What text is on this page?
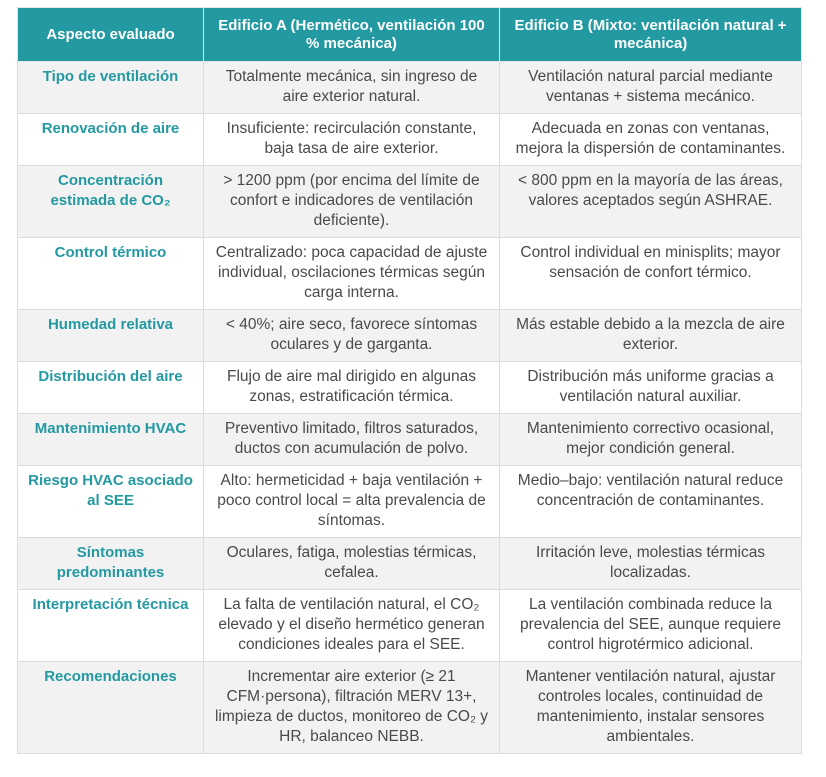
Aspecto evaluado	Edificio A (Hermético, ventilación 100 % mecánica)	Edificio B (Mixto: ventilación natural + mecánica)
Tipo de ventilación	Totalmente mecánica, sin ingreso de aire exterior natural.	Ventilación natural parcial mediante ventanas + sistema mecánico.
Renovación de aire	Insuficiente: recirculación constante, baja tasa de aire exterior.	Adecuada en zonas con ventanas, mejora la dispersión de contaminantes.
Concentración estimada de CO₂	> 1200 ppm (por encima del límite de confort e indicadores de ventilación deficiente).	< 800 ppm en la mayoría de las áreas, valores aceptados según ASHRAE.
Control térmico	Centralizado: poca capacidad de ajuste individual, oscilaciones térmicas según carga interna.	Control individual en minisplits; mayor sensación de confort térmico.
Humedad relativa	< 40%; aire seco, favorece síntomas oculares y de garganta.	Más estable debido a la mezcla de aire exterior.
Distribución del aire	Flujo de aire mal dirigido en algunas zonas, estratificación térmica.	Distribución más uniforme gracias a ventilación natural auxiliar.
Mantenimiento HVAC	Preventivo limitado, filtros saturados, ductos con acumulación de polvo.	Mantenimiento correctivo ocasional, mejor condición general.
Riesgo HVAC asociado al SEE	Alto: hermeticidad + baja ventilación + poco control local = alta prevalencia de síntomas.	Medio–bajo: ventilación natural reduce concentración de contaminantes.
Síntomas predominantes	Oculares, fatiga, molestias térmicas, cefalea.	Irritación leve, molestias térmicas localizadas.
Interpretación técnica	La falta de ventilación natural, el CO₂ elevado y el diseño hermético generan condiciones ideales para el SEE.	La ventilación combinada reduce la prevalencia del SEE, aunque requiere control higrotérmico adicional.
Recomendaciones	Incrementar aire exterior (≥ 21 CFM·persona), filtración MERV 13+, limpieza de ductos, monitoreo de CO₂ y HR, balanceo NEBB.	Mantener ventilación natural, ajustar controles locales, continuidad de mantenimiento, instalar sensores ambientales.
